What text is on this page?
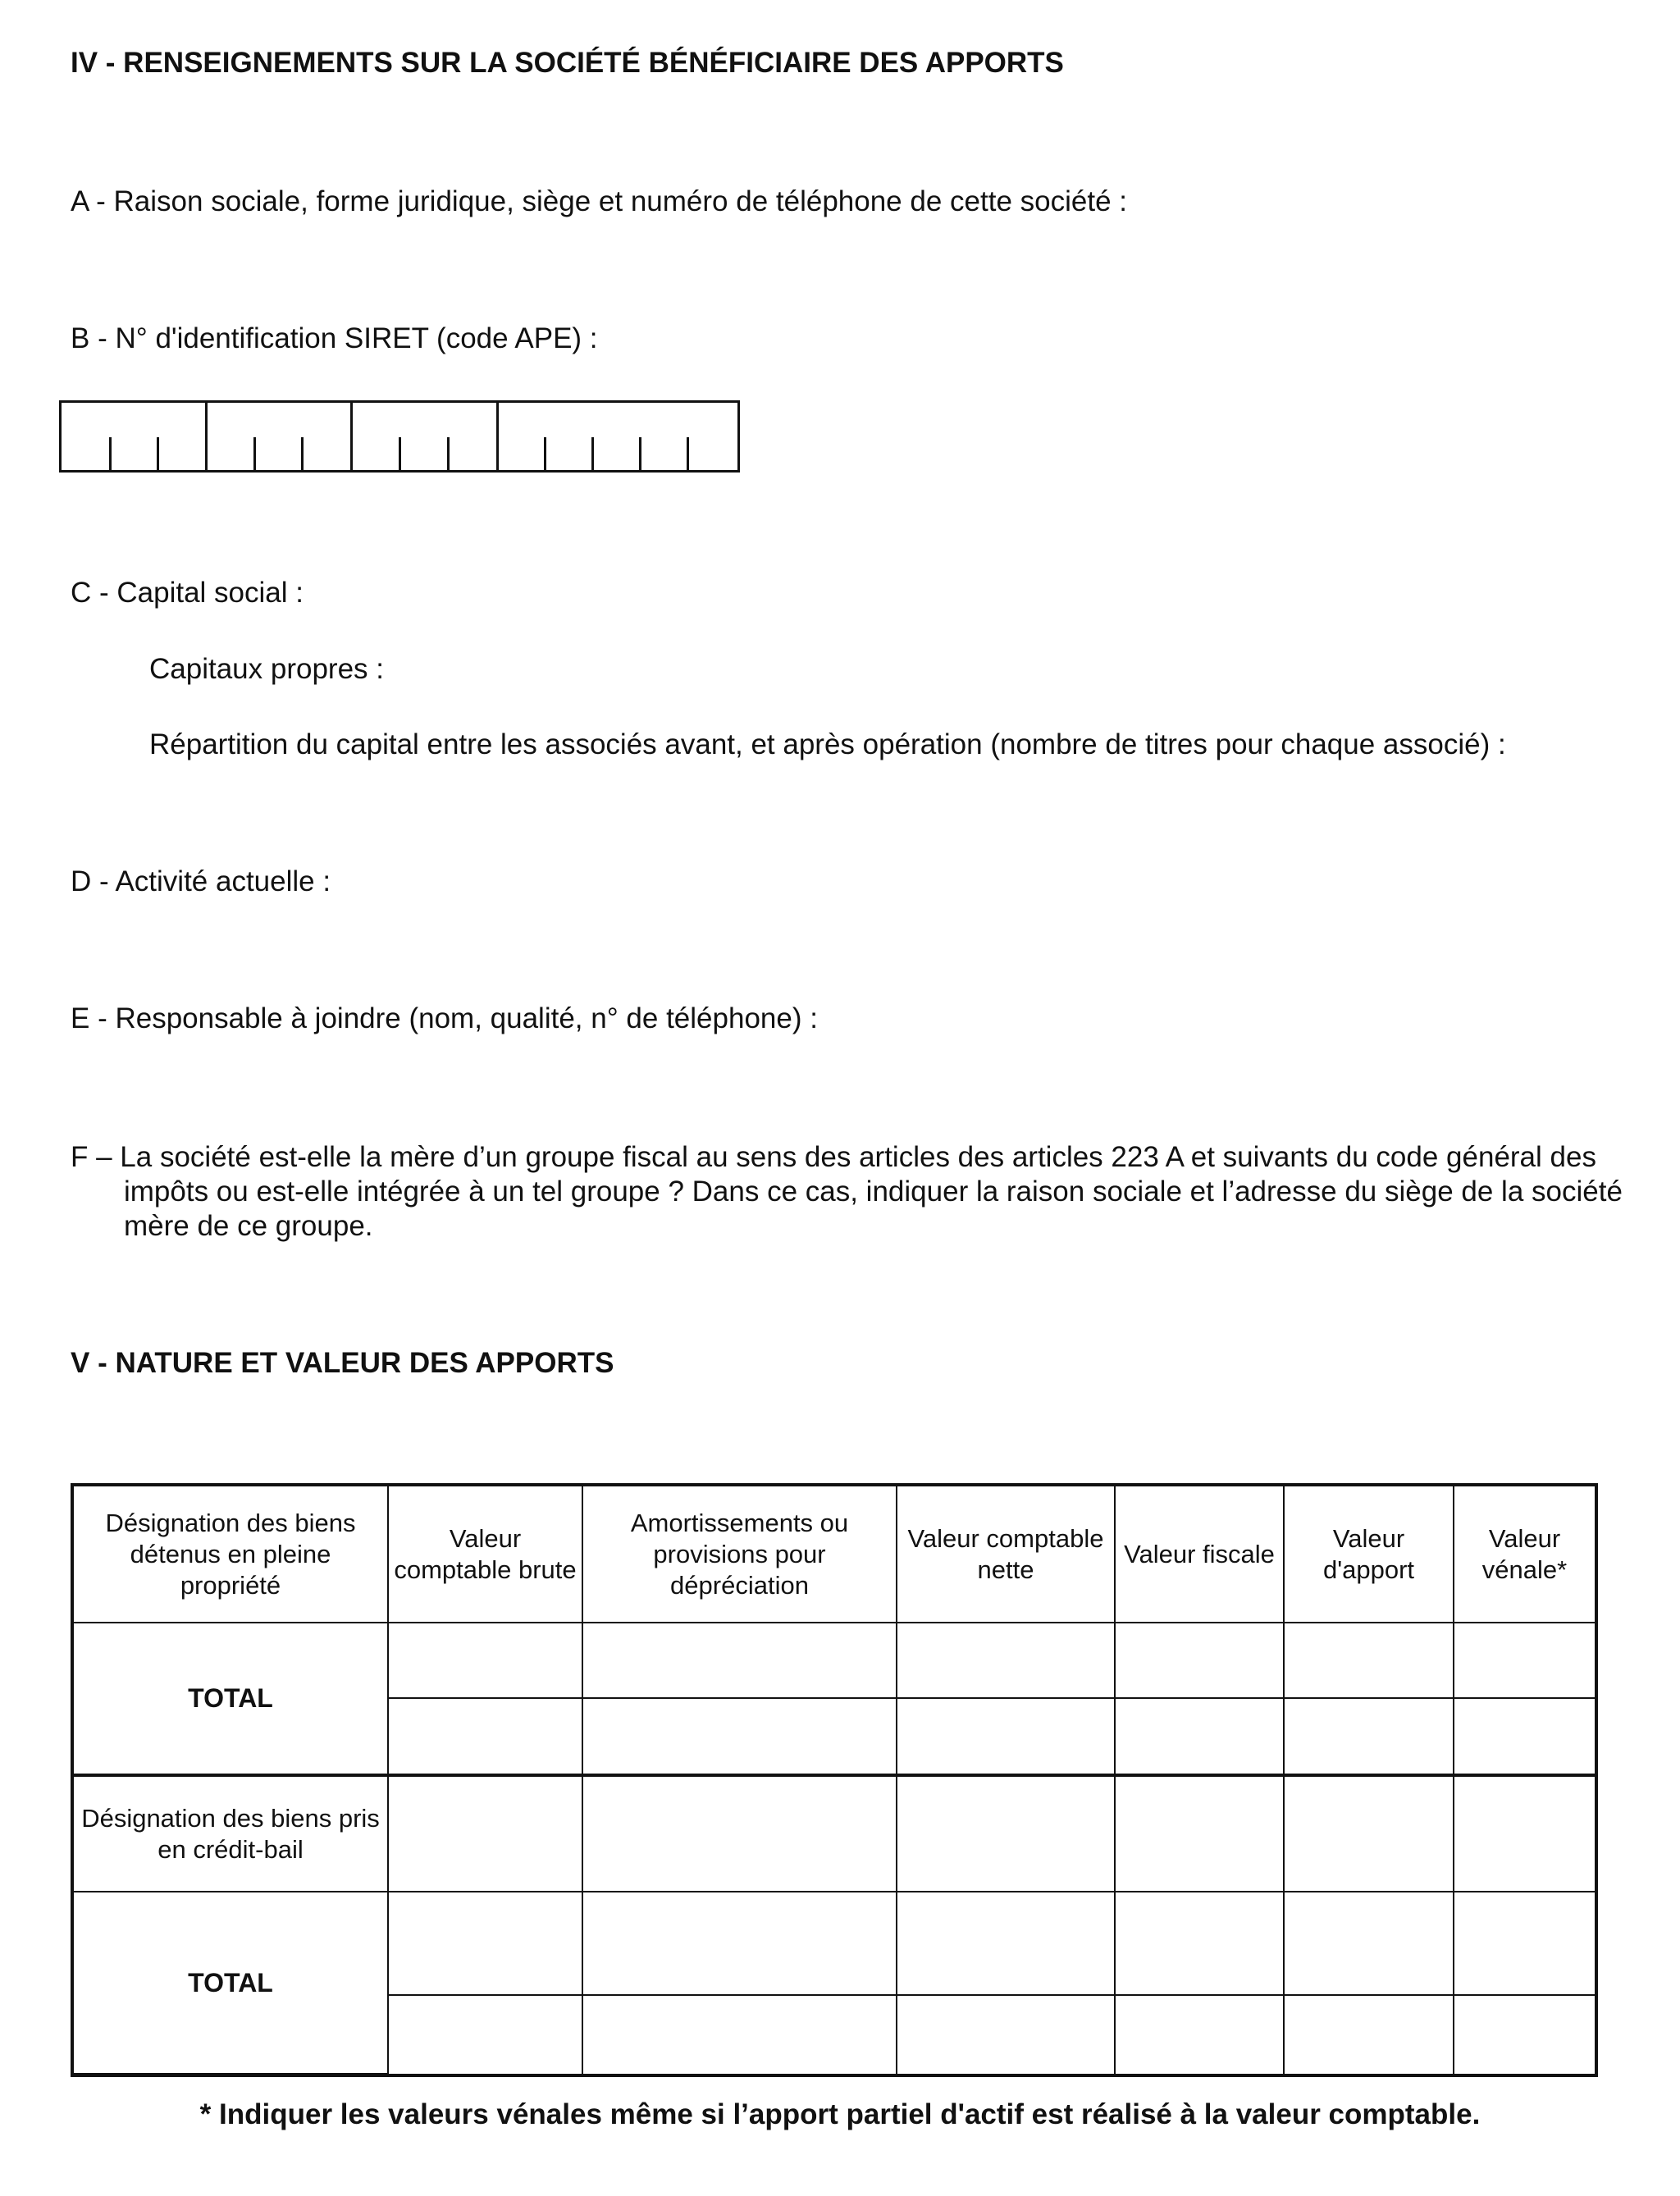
IV - RENSEIGNEMENTS SUR LA SOCIÉTÉ BÉNÉFICIAIRE DES APPORTS
A - Raison sociale, forme juridique, siège et numéro de téléphone de cette société :
B - N° d'identification SIRET (code APE) :
C - Capital social :
Capitaux propres :
Répartition du capital entre les associés avant, et après opération (nombre de titres pour chaque associé) :
D - Activité actuelle :
E - Responsable à joindre (nom, qualité, n° de téléphone) :
F – La société est-elle la mère d’un groupe fiscal au sens des articles des articles 223 A et suivants du code général des impôts ou est-elle intégrée à un tel groupe ? Dans ce cas, indiquer la raison sociale et l’adresse du siège de la société mère de ce groupe.
V - NATURE ET VALEUR DES APPORTS
Désignation des biens détenus en pleine propriété	Valeur comptable brute	Amortissements ou provisions pour dépréciation	Valeur comptable nette	Valeur fiscale	Valeur d'apport	Valeur vénale*
TOTAL						

Désignation des biens pris en crédit-bail						
TOTAL						

* Indiquer les valeurs vénales même si l’apport partiel d'actif est réalisé à la valeur comptable.
